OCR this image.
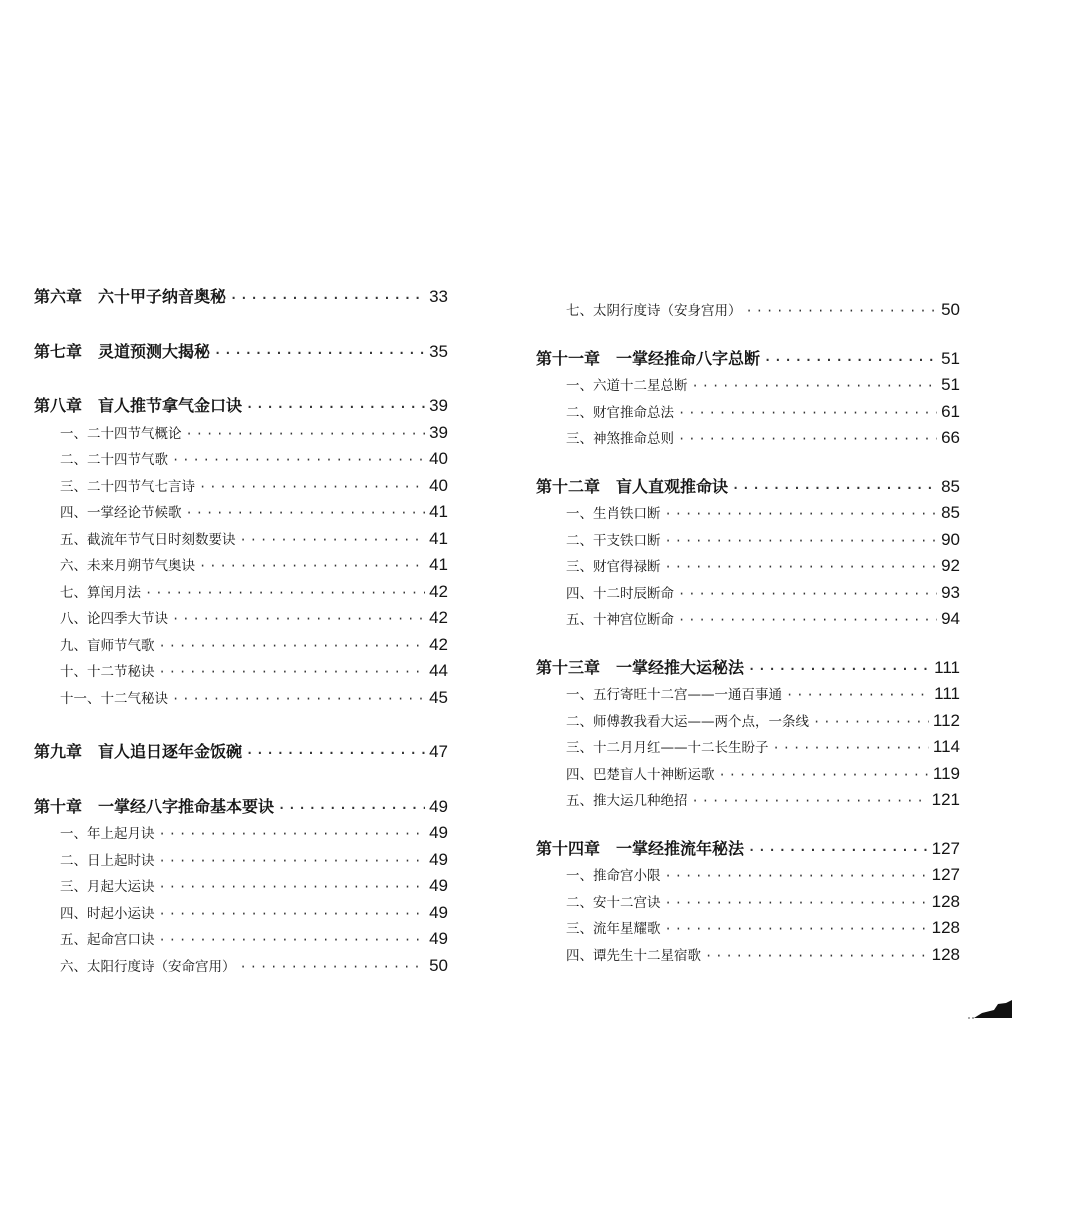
第六章　六十甲子纳音奥秘 ·····	33
第七章　灵道预测大揭秘 ·····	35
第八章　盲人推节拿气金口诀 ·····	39
一、二十四节气概论 ·····	39
二、二十四节气歌 ·····	40
三、二十四节气七言诗 ·····	40
四、一掌经论节候歌 ·····	41
五、截流年节气日时刻数要诀 ·····	41
六、未来月朔节气奥诀 ·····	41
七、算闰月法 ·····	42
八、论四季大节诀 ·····	42
九、盲师节气歌 ·····	42
十、十二节秘诀 ·····	44
十一、十二气秘诀 ·····	45
第九章　盲人追日逐年金饭碗 ·····	47
第十章　一掌经八字推命基本要诀 ·····	49
一、年上起月诀 ·····	49
二、日上起时诀 ·····	49
三、月起大运诀 ·····	49
四、时起小运诀 ·····	49
五、起命宫口诀 ·····	49
六、太阳行度诗（安命宫用） ·····	50
七、太阴行度诗（安身宫用） ·····	50
第十一章　一掌经推命八字总断 ·····	51
一、六道十二星总断 ·····	51
二、财官推命总法 ·····	61
三、神煞推命总则 ·····	66
第十二章　盲人直观推命诀 ·····	85
一、生肖铁口断 ·····	85
二、干支铁口断 ·····	90
三、财官得禄断 ·····	92
四、十二时辰断命 ·····	93
五、十神宫位断命 ·····	94
第十三章　一掌经推大运秘法 ·····	111
一、五行寄旺十二宫——一通百事通 ·····	111
二、师傅教我看大运——两个点，一条线 ·····	112
三、十二月月红——十二长生盼子 ·····	114
四、巴楚盲人十神断运歌 ·····	119
五、推大运几种绝招 ·····	121
第十四章　一掌经推流年秘法 ·····	127
一、推命宫小限 ·····	127
二、安十二宫诀 ·····	128
三、流年星耀歌 ·····	128
四、谭先生十二星宿歌 ·····	128
